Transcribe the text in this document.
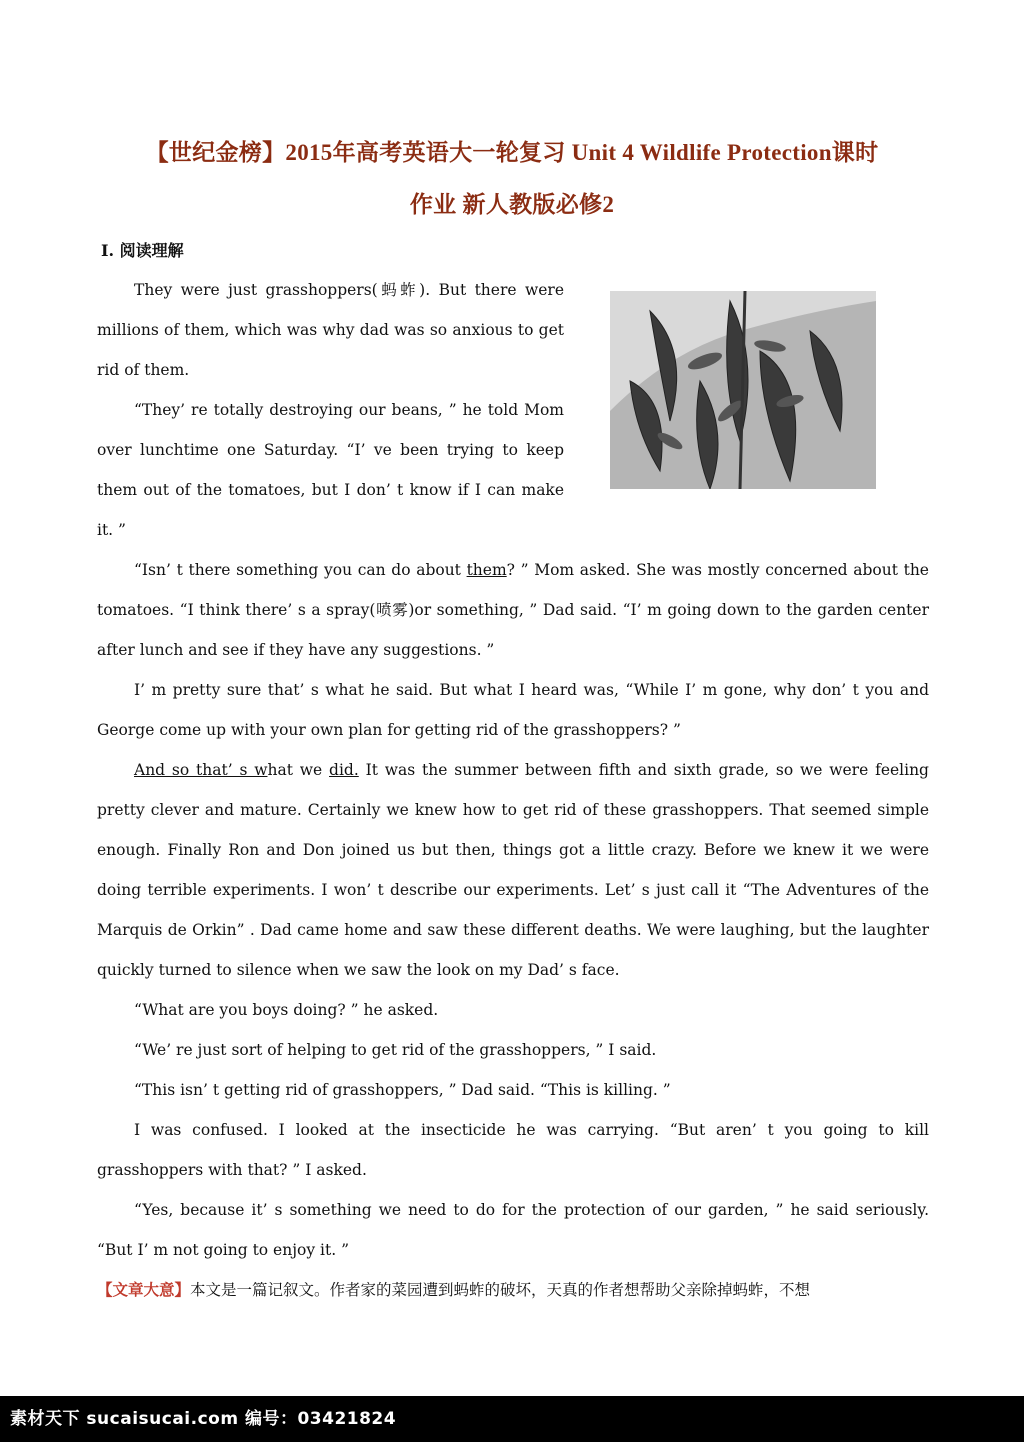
【世纪金榜】2015年高考英语大一轮复习 Unit 4 Wildlife Protection课时
作业 新人教版必修2
Ⅰ. 阅读理解
They were just grasshoppers(蚂蚱). But there were millions of them, which was why dad was so anxious to get rid of them.
“They’ re totally destroying our beans, ” he told Mom over lunchtime one Saturday. “I’ ve been trying to keep them out of the tomatoes, but I don’ t know if I can make it. ”
“Isn’ t there something you can do about them? ” Mom asked. She was mostly concerned about the tomatoes. “I think there’ s a spray(喷雾)or something, ” Dad said. “I’ m going down to the garden center after lunch and see if they have any suggestions. ”
I’ m pretty sure that’ s what he said. But what I heard was, “While I’ m gone, why don’ t you and George come up with your own plan for getting rid of the grasshoppers? ”
And so that’ s what we did. It was the summer between fifth and sixth grade, so we were feeling pretty clever and mature. Certainly we knew how to get rid of these grasshoppers. That seemed simple enough. Finally Ron and Don joined us but then, things got a little crazy. Before we knew it we were doing terrible experiments. I won’ t describe our experiments. Let’ s just call it “The Adventures of the Marquis de Orkin” . Dad came home and saw these different deaths. We were laughing, but the laughter quickly turned to silence when we saw the look on my Dad’ s face.
“What are you boys doing? ” he asked.
“We’ re just sort of helping to get rid of the grasshoppers, ” I said.
“This isn’ t getting rid of grasshoppers, ” Dad said. “This is killing. ”
I was confused. I looked at the insecticide he was carrying. “But aren’ t you going to kill grasshoppers with that? ” I asked.
“Yes, because it’ s something we need to do for the protection of our garden, ” he said seriously. “But I’ m not going to enjoy it. ”
【文章大意】本文是一篇记叙文。作者家的菜园遭到蚂蚱的破坏，天真的作者想帮助父亲除掉蚂蚱，不想
素材天下 sucaisucai.com 编号：03421824
